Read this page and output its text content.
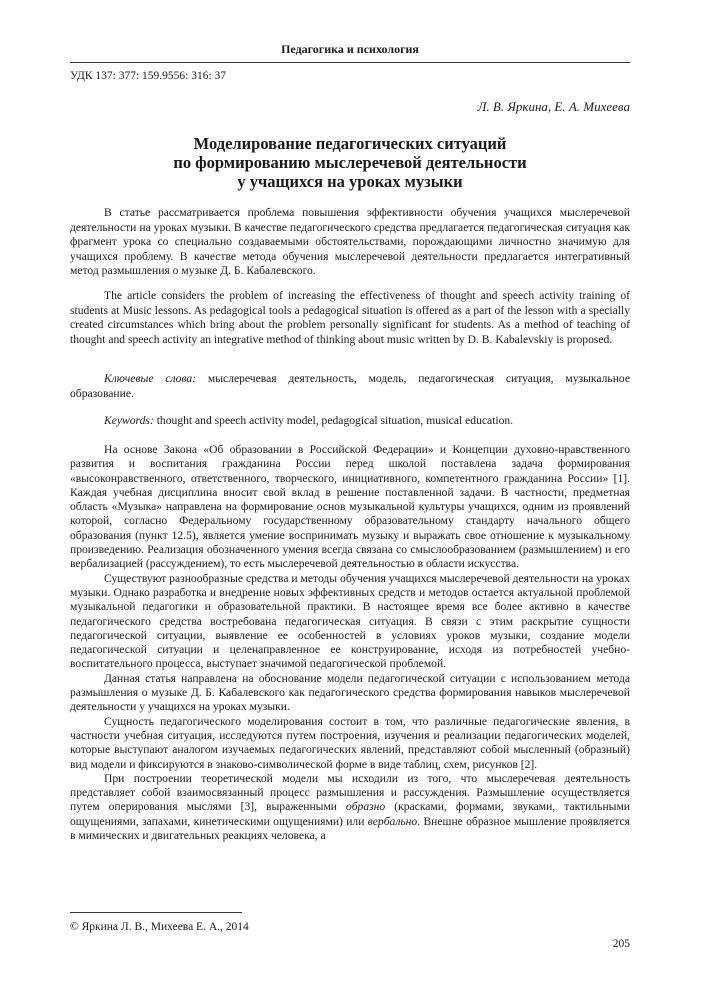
Педагогика и психология
УДК 137: 377: 159.9556: 316: 37
Л. В. Яркина, Е. А. Михеева
Моделирование педагогических ситуаций
по формированию мыслеречевой деятельности
у учащихся на уроках музыки

В статье рассматривается проблема повышения эффективности обучения учащихся мыслеречевой деятельности на уроках музыки. В качестве педагогического средства предлагается педагогическая ситуация как фрагмент урока со специально создаваемыми обстоятельствами, порождающими личностно значимую для учащихся проблему. В качестве метода обучения мыслеречевой деятельности предлагается интегративный метод размышления о музыке Д. Б. Кабалевского.

The article considers the problem of increasing the effectiveness of thought and speech activity training of students at Music lessons. As pedagogical tools a pedagogical situation is offered as a part of the lesson with a specially created circumstances which bring about the problem personally significant for students. As a method of teaching of thought and speech activity an integrative method of thinking about music written by D. B. Kabalevskiy is proposed.

Ключевые слова: мыслеречевая деятельность, модель, педагогическая ситуация, музыкальное образование.

Keywords: thought and speech activity model, pedagogical situation, musical education.

На основе Закона «Об образовании в Российской Федерации» и Концепции духовно-нравственного развития и воспитания гражданина России перед школой поставлена задача формирования «высоконравственного, ответственного, творческого, инициативного, компетентного гражданина России» [1]. Каждая учебная дисциплина вносит свой вклад в решение поставленной задачи. В частности, предметная область «Музыка» направлена на формирование основ музыкальной культуры учащихся, одним из проявлений которой, согласно Федеральному государственному образовательному стандарту начального общего образования (пункт 12.5), является умение воспринимать музыку и выражать свое отношение к музыкальному произведению. Реализация обозначенного умения всегда связана со смыслообразованием (размышлением) и его вербализацией (рассуждением), то есть мыслеречевой деятельностью в области искусства.

Существуют разнообразные средства и методы обучения учащихся мыслеречевой деятельности на уроках музыки. Однако разработка и внедрение новых эффективных средств и методов остается актуальной проблемой музыкальной педагогики и образовательной практики. В настоящее время все более активно в качестве педагогического средства востребована педагогическая ситуация. В связи с этим раскрытие сущности педагогической ситуации, выявление ее особенностей в условиях уроков музыки, создание модели педагогической ситуации и целенаправленное ее конструирование, исходя из потребностей учебно-воспитательного процесса, выступает значимой педагогической проблемой.

Данная статья направлена на обоснование модели педагогической ситуации с использованием метода размышления о музыке Д. Б. Кабалевского как педагогического средства формирования навыков мыслеречевой деятельности у учащихся на уроках музыки.

Сущность педагогического моделирования состоит в том, что различные педагогические явления, в частности учебная ситуация, исследуются путем построения, изучения и реализации педагогических моделей, которые выступают аналогом изучаемых педагогических явлений, представляют собой мысленный (образный) вид модели и фиксируются в знаково-символической форме в виде таблиц, схем, рисунков [2].

При построении теоретической модели мы исходили из того, что мыслеречевая деятельность представляет собой взаимосвязанный процесс размышления и рассуждения. Размышление осуществляется путем оперирования мыслями [3], выраженными образно (красками, формами, звуками, тактильными ощущениями, запахами, кинетическими ощущениями) или вербально. Внешне образное мышление проявляется в мимических и двигательных реакциях человека, а

© Яркина Л. В., Михеева Е. А., 2014
205
